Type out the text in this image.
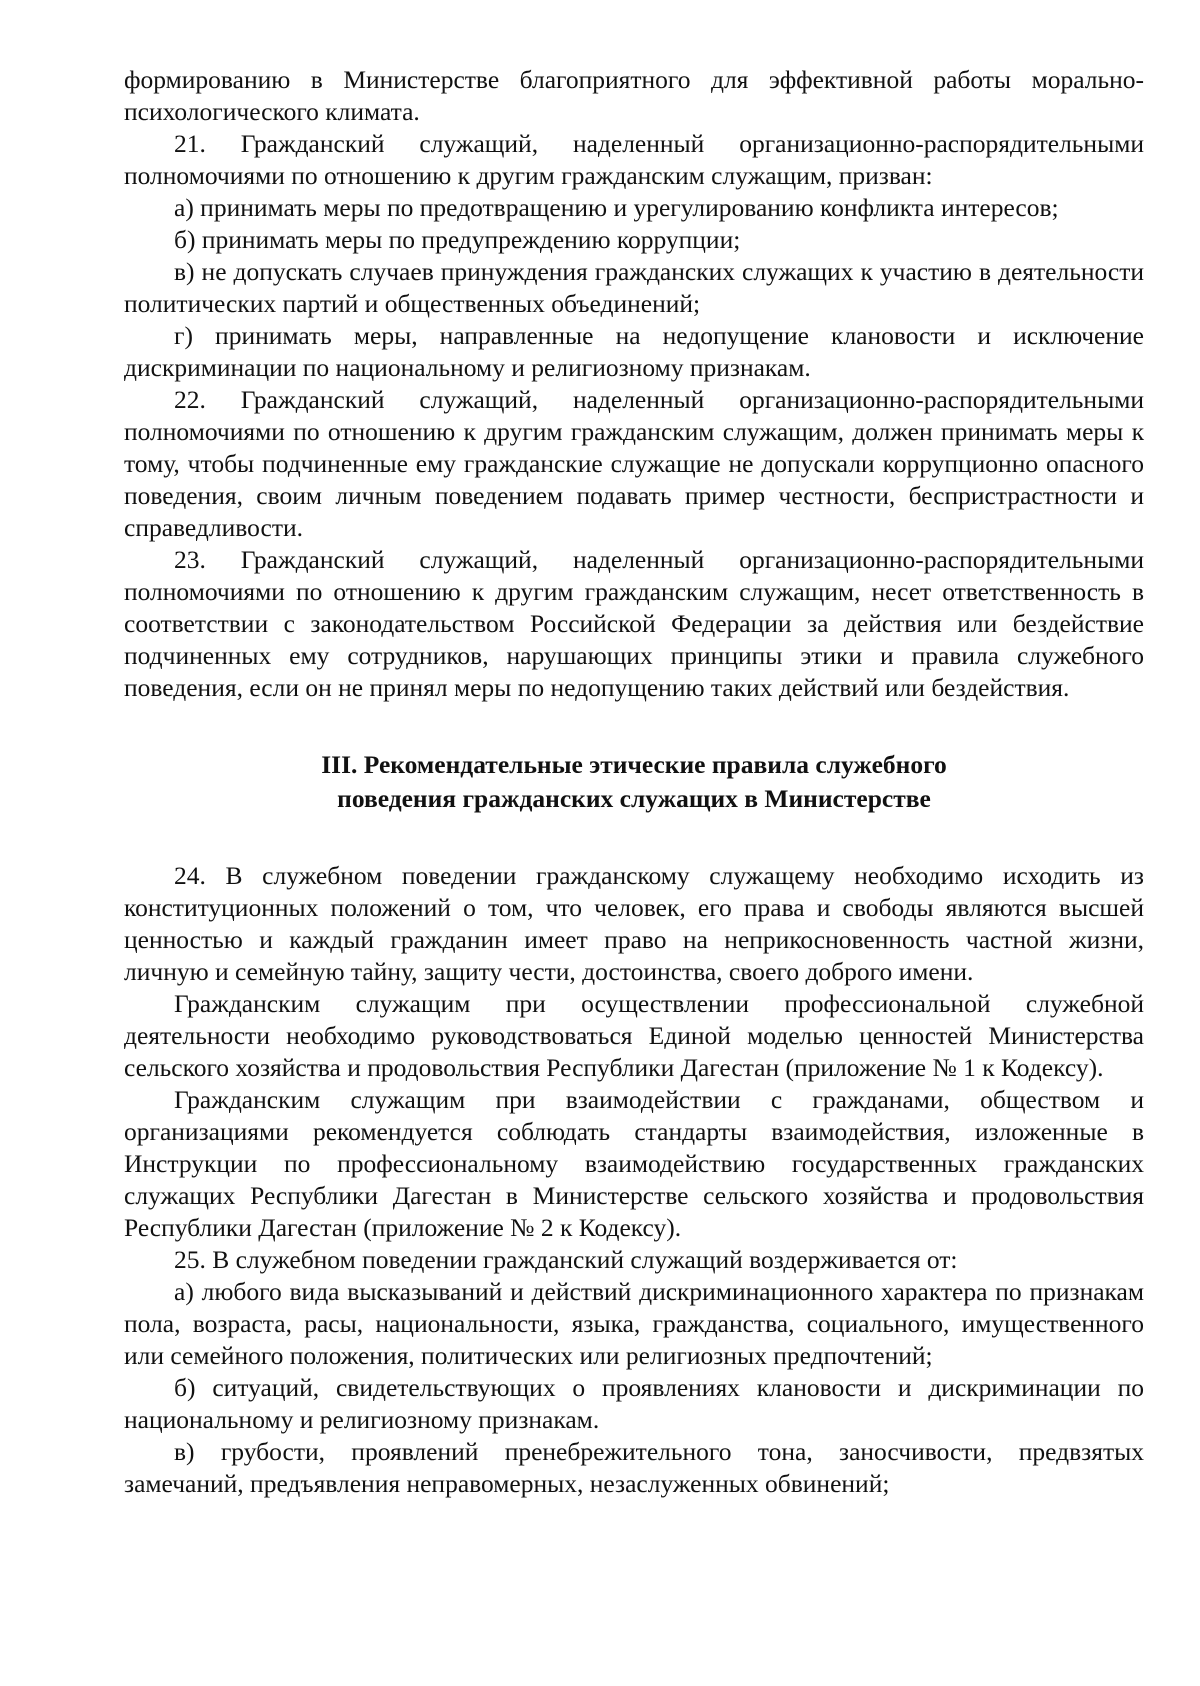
формированию в Министерстве благоприятного для эффективной работы морально-психологического климата.

21. Гражданский служащий, наделенный организационно-распорядительными полномочиями по отношению к другим гражданским служащим, призван:

а) принимать меры по предотвращению и урегулированию конфликта интересов;

б) принимать меры по предупреждению коррупции;

в) не допускать случаев принуждения гражданских служащих к участию в деятельности политических партий и общественных объединений;

г) принимать меры, направленные на недопущение клановости и исключение дискриминации по национальному и религиозному признакам.

22. Гражданский служащий, наделенный организационно-распорядительными полномочиями по отношению к другим гражданским служащим, должен принимать меры к тому, чтобы подчиненные ему гражданские служащие не допускали коррупционно опасного поведения, своим личным поведением подавать пример честности, беспристрастности и справедливости.

23. Гражданский служащий, наделенный организационно-распорядительными полномочиями по отношению к другим гражданским служащим, несет ответственность в соответствии с законодательством Российской Федерации за действия или бездействие подчиненных ему сотрудников, нарушающих принципы этики и правила служебного поведения, если он не принял меры по недопущению таких действий или бездействия.

III. Рекомендательные этические правила служебного
поведения гражданских служащих в Министерстве

24. В служебном поведении гражданскому служащему необходимо исходить из конституционных положений о том, что человек, его права и свободы являются высшей ценностью и каждый гражданин имеет право на неприкосновенность частной жизни, личную и семейную тайну, защиту чести, достоинства, своего доброго имени.

Гражданским служащим при осуществлении профессиональной служебной деятельности необходимо руководствоваться Единой моделью ценностей Министерства сельского хозяйства и продовольствия Республики Дагестан (приложение № 1 к Кодексу).

Гражданским служащим при взаимодействии с гражданами, обществом и организациями рекомендуется соблюдать стандарты взаимодействия, изложенные в Инструкции по профессиональному взаимодействию государственных гражданских служащих Республики Дагестан в Министерстве сельского хозяйства и продовольствия Республики Дагестан (приложение № 2 к Кодексу).

25. В служебном поведении гражданский служащий воздерживается от:

а) любого вида высказываний и действий дискриминационного характера по признакам пола, возраста, расы, национальности, языка, гражданства, социального, имущественного или семейного положения, политических или религиозных предпочтений;

б) ситуаций, свидетельствующих о проявлениях клановости и дискриминации по национальному и религиозному признакам.

в) грубости, проявлений пренебрежительного тона, заносчивости, предвзятых замечаний, предъявления неправомерных, незаслуженных обвинений;
